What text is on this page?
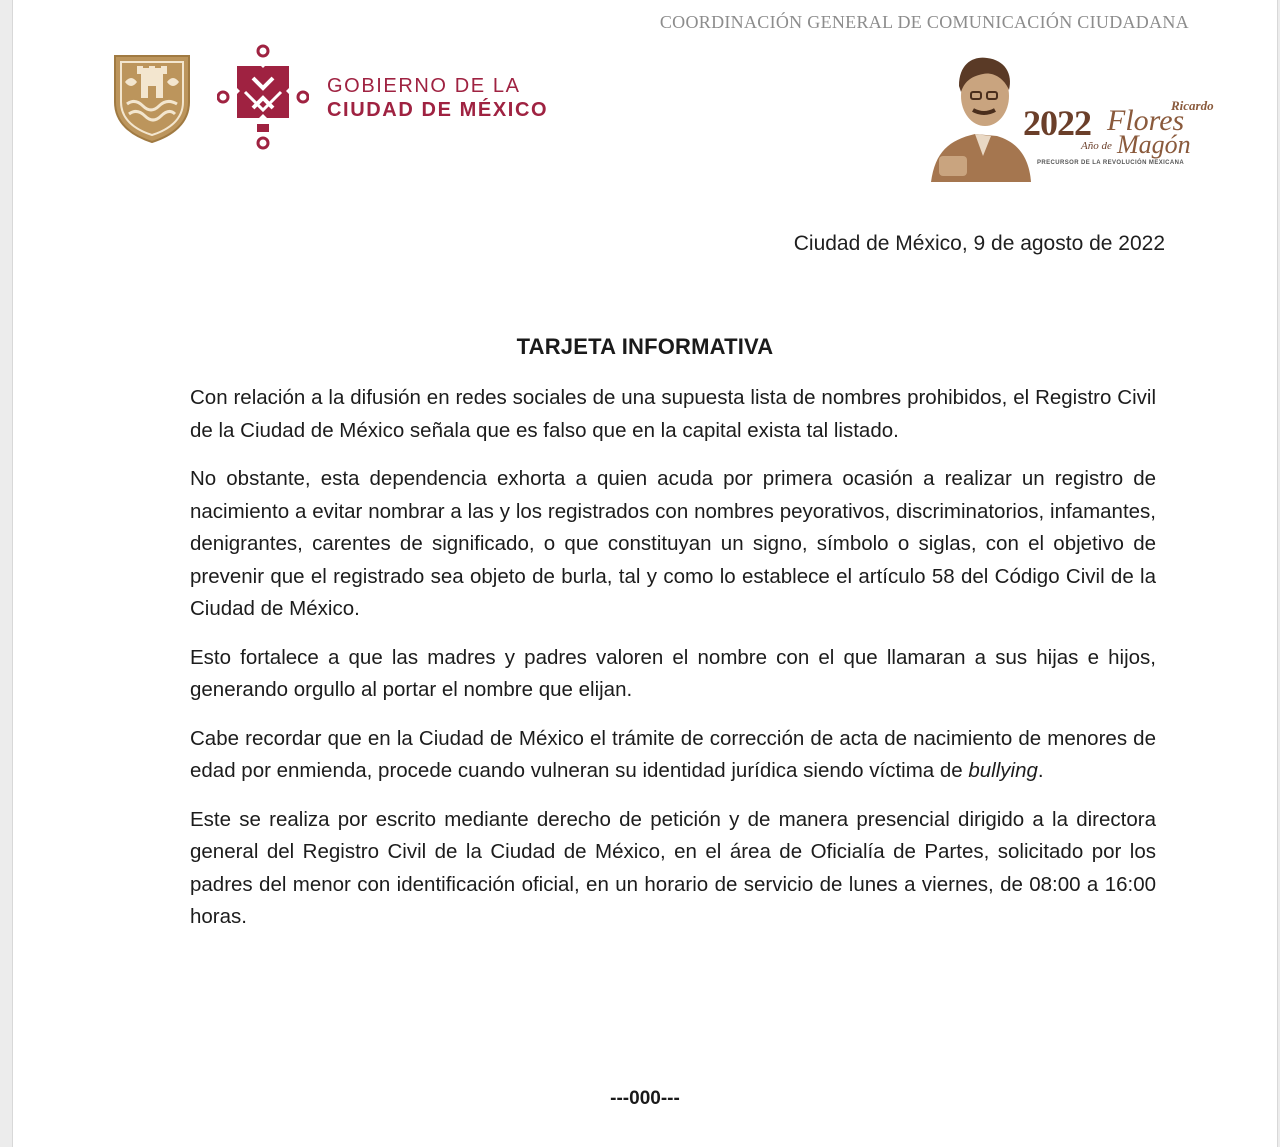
COORDINACIÓN GENERAL DE COMUNICACIÓN CIUDADANA
GOBIERNO DE LA
CIUDAD DE MÉXICO	2022	Ricardo
Flores
Año de Magón
PRECURSOR DE LA REVOLUCIÓN MEXICANA
Ciudad de México, 9 de agosto de 2022
TARJETA INFORMATIVA

Con relación a la difusión en redes sociales de una supuesta lista de nombres prohibidos, el Registro Civil de la Ciudad de México señala que es falso que en la capital exista tal listado.

No obstante, esta dependencia exhorta a quien acuda por primera ocasión a realizar un registro de nacimiento a evitar nombrar a las y los registrados con nombres peyorativos, discriminatorios, infamantes, denigrantes, carentes de significado, o que constituyan un signo, símbolo o siglas, con el objetivo de prevenir que el registrado sea objeto de burla, tal y como lo establece el artículo 58 del Código Civil de la Ciudad de México.

Esto fortalece a que las madres y padres valoren el nombre con el que llamaran a sus hijas e hijos, generando orgullo al portar el nombre que elijan.

Cabe recordar que en la Ciudad de México el trámite de corrección de acta de nacimiento de menores de edad por enmienda, procede cuando vulneran su identidad jurídica siendo víctima de bullying.

Este se realiza por escrito mediante derecho de petición y de manera presencial dirigido a la directora general del Registro Civil de la Ciudad de México, en el área de Oficialía de Partes, solicitado por los padres del menor con identificación oficial, en un horario de servicio de lunes a viernes, de 08:00 a 16:00 horas.

---000---
